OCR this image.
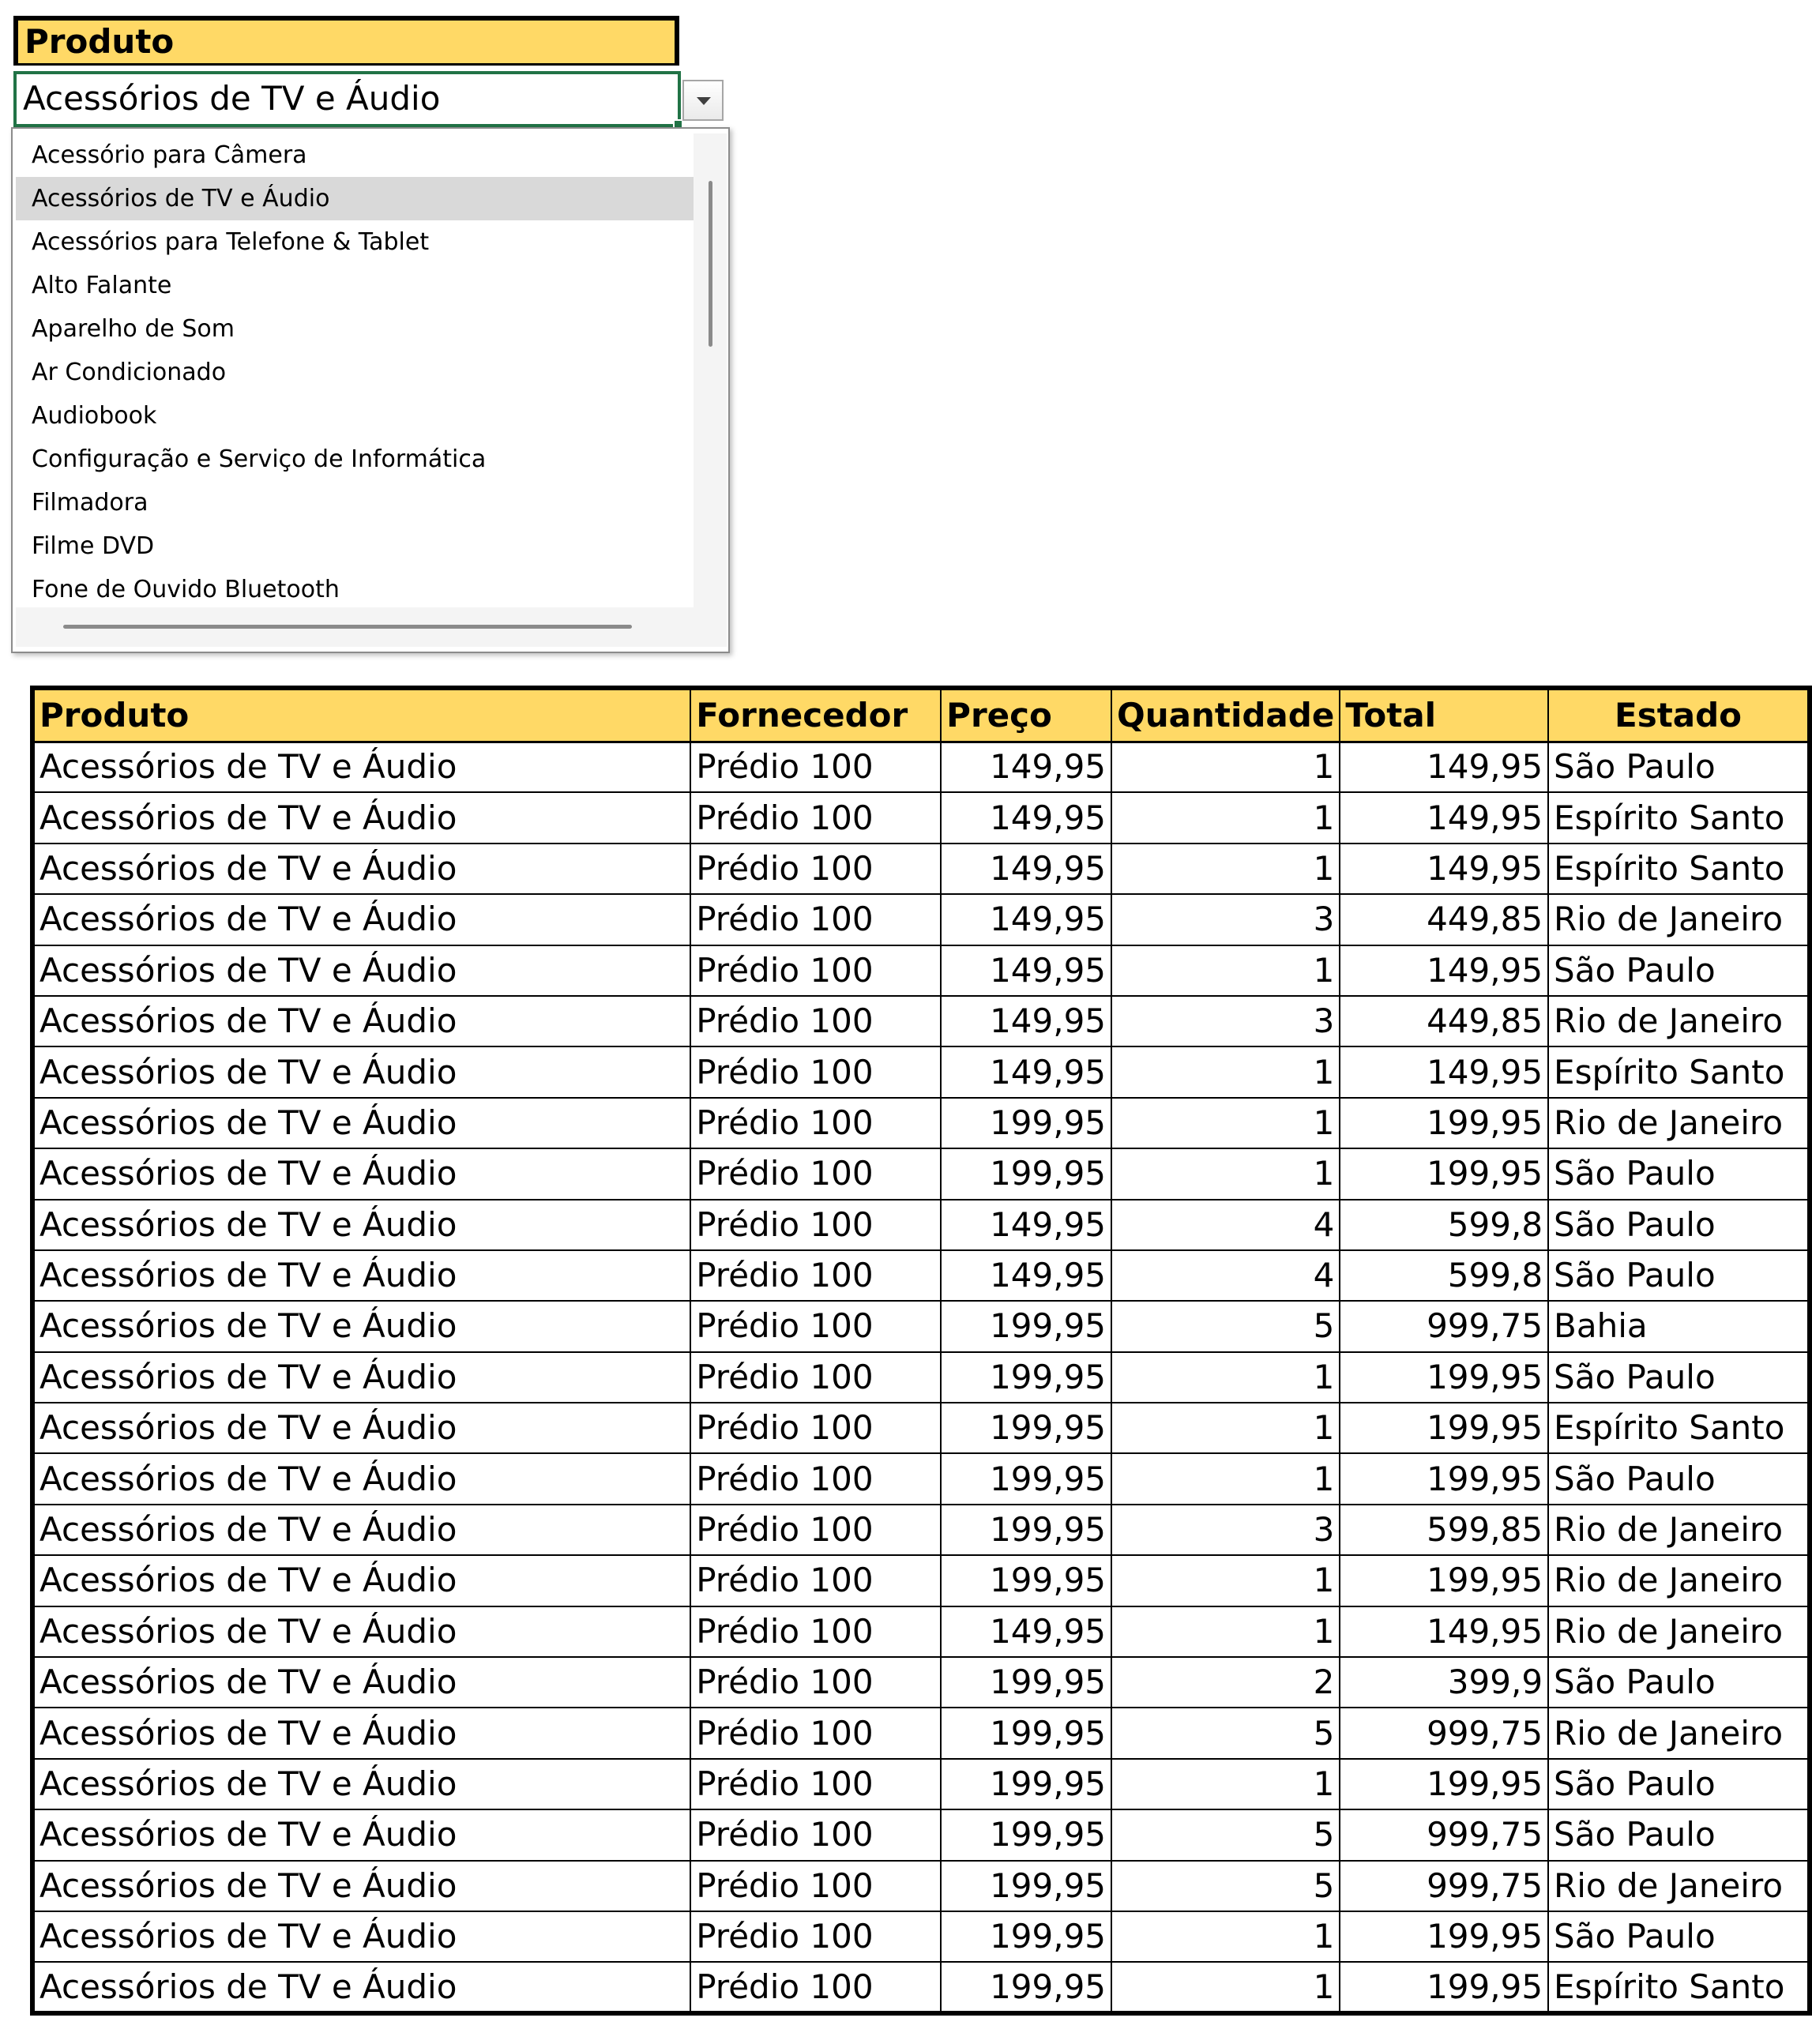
Produto
Acessórios de TV e Áudio
Acessório para Câmera
Acessórios de TV e Áudio
Acessórios para Telefone & Tablet
Alto Falante
Aparelho de Som
Ar Condicionado
Audiobook
Configuração e Serviço de Informática
Filmadora
Filme DVD
Fone de Ouvido Bluetooth
Produto	Fornecedor	Preço	Quantidade	Total	Estado
Acessórios de TV e Áudio	Prédio 100	149,95	1	149,95	São Paulo
Acessórios de TV e Áudio	Prédio 100	149,95	1	149,95	Espírito Santo
Acessórios de TV e Áudio	Prédio 100	149,95	1	149,95	Espírito Santo
Acessórios de TV e Áudio	Prédio 100	149,95	3	449,85	Rio de Janeiro
Acessórios de TV e Áudio	Prédio 100	149,95	1	149,95	São Paulo
Acessórios de TV e Áudio	Prédio 100	149,95	3	449,85	Rio de Janeiro
Acessórios de TV e Áudio	Prédio 100	149,95	1	149,95	Espírito Santo
Acessórios de TV e Áudio	Prédio 100	199,95	1	199,95	Rio de Janeiro
Acessórios de TV e Áudio	Prédio 100	199,95	1	199,95	São Paulo
Acessórios de TV e Áudio	Prédio 100	149,95	4	599,8	São Paulo
Acessórios de TV e Áudio	Prédio 100	149,95	4	599,8	São Paulo
Acessórios de TV e Áudio	Prédio 100	199,95	5	999,75	Bahia
Acessórios de TV e Áudio	Prédio 100	199,95	1	199,95	São Paulo
Acessórios de TV e Áudio	Prédio 100	199,95	1	199,95	Espírito Santo
Acessórios de TV e Áudio	Prédio 100	199,95	1	199,95	São Paulo
Acessórios de TV e Áudio	Prédio 100	199,95	3	599,85	Rio de Janeiro
Acessórios de TV e Áudio	Prédio 100	199,95	1	199,95	Rio de Janeiro
Acessórios de TV e Áudio	Prédio 100	149,95	1	149,95	Rio de Janeiro
Acessórios de TV e Áudio	Prédio 100	199,95	2	399,9	São Paulo
Acessórios de TV e Áudio	Prédio 100	199,95	5	999,75	Rio de Janeiro
Acessórios de TV e Áudio	Prédio 100	199,95	1	199,95	São Paulo
Acessórios de TV e Áudio	Prédio 100	199,95	5	999,75	São Paulo
Acessórios de TV e Áudio	Prédio 100	199,95	5	999,75	Rio de Janeiro
Acessórios de TV e Áudio	Prédio 100	199,95	1	199,95	São Paulo
Acessórios de TV e Áudio	Prédio 100	199,95	1	199,95	Espírito Santo
